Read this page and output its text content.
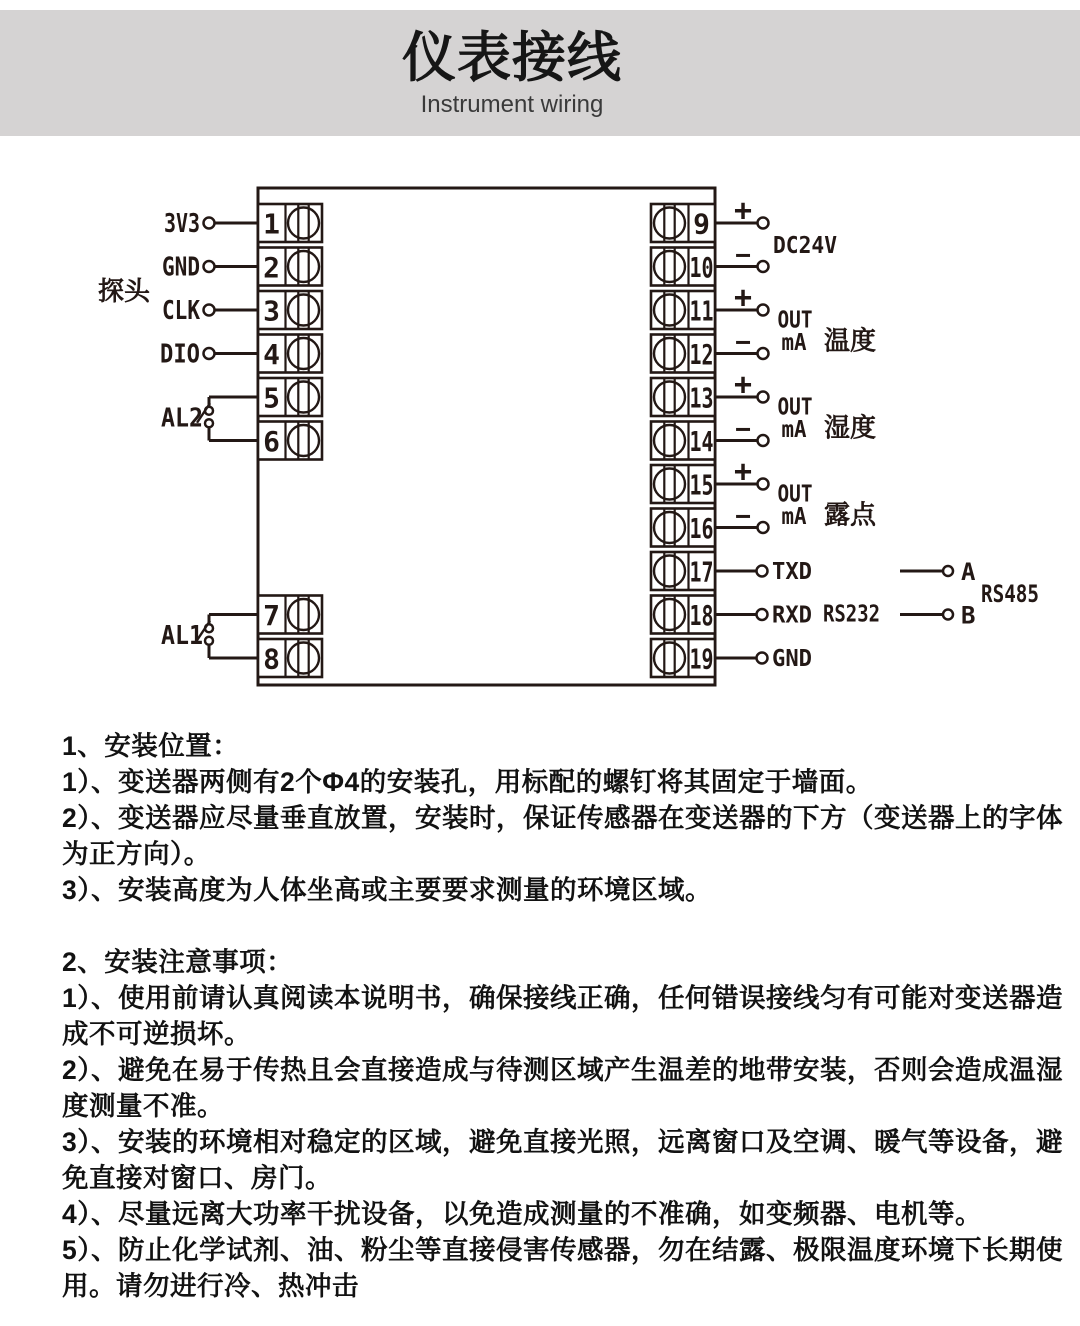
仪表接线
Instrument wiring
1
2
3
4
5
6
7
8
9
10
11
12
13
14
15
16
17
18
19
3V3
GND
CLK
DIO
探头
AL2
AL1
+
− DC24V
+
−
OUT
mA 温度
+
−
OUT
mA 湿度
+
−
OUT
mA 露点
TXD
RXD
GND
RS232
A
B
RS485
1、安装位置：
1）、变送器两侧有2个Φ4的安装孔，用标配的螺钉将其固定于墙面。
2）、变送器应尽量垂直放置，安装时，保证传感器在变送器的下方（变送器上的字体
为正方向）。
3）、安装高度为人体坐高或主要要求测量的环境区域。
2、安装注意事项：
1）、使用前请认真阅读本说明书，确保接线正确，任何错误接线匀有可能对变送器造
成不可逆损坏。
2）、避免在易于传热且会直接造成与待测区域产生温差的地带安装，否则会造成温湿
度测量不准。
3）、安装的环境相对稳定的区域，避免直接光照，远离窗口及空调、暖气等设备，避
免直接对窗口、房门。
4）、尽量远离大功率干扰设备，以免造成测量的不准确，如变频器、电机等。
5）、防止化学试剂、油、粉尘等直接侵害传感器，勿在结露、极限温度环境下长期使
用。请勿进行冷、热冲击
